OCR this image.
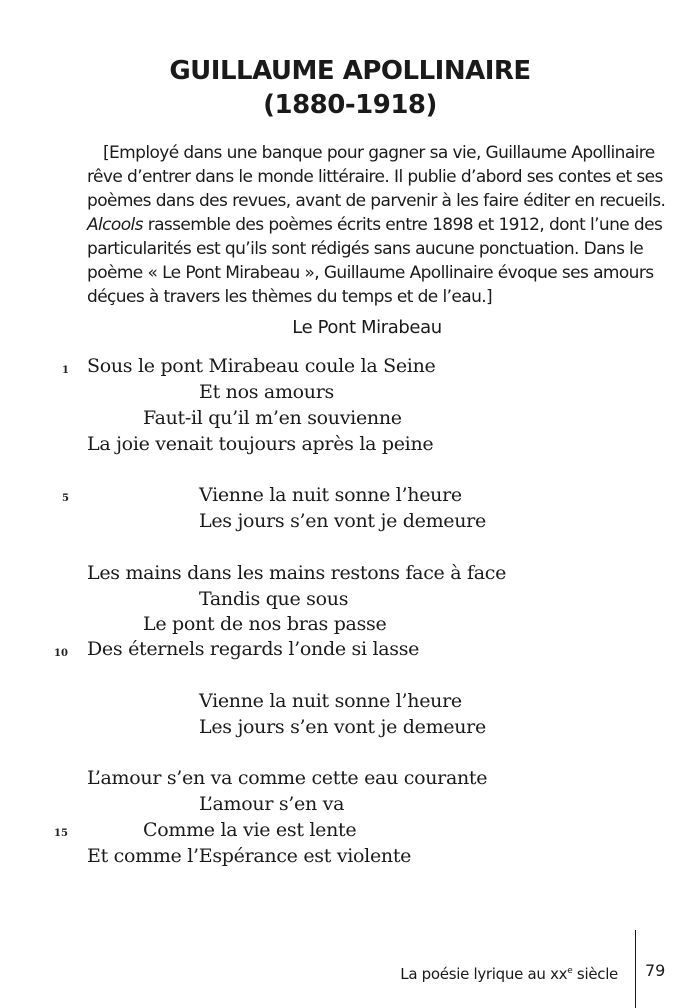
GUILLAUME APOLLINAIRE
(1880-1918)
[Employé dans une banque pour gagner sa vie, Guillaume Apollinaire
rêve d’entrer dans le monde littéraire. Il publie d’abord ses contes et ses
poèmes dans des revues, avant de parvenir à les faire éditer en recueils.
Alcools rassemble des poèmes écrits entre 1898 et 1912, dont l’une des
particularités est qu’ils sont rédigés sans aucune ponctuation. Dans le
poème « Le Pont Mirabeau », Guillaume Apollinaire évoque ses amours
déçues à travers les thèmes du temps et de l’eau.]
Le Pont Mirabeau
1 Sous le pont Mirabeau coule la Seine
Et nos amours
Faut-il qu’il m’en souvienne
La joie venait toujours après la peine
5	Vienne la nuit sonne l’heure
Les jours s’en vont je demeure
Les mains dans les mains restons face à face
Tandis que sous
Le pont de nos bras passe
10 Des éternels regards l’onde si lasse
Vienne la nuit sonne l’heure
Les jours s’en vont je demeure
L’amour s’en va comme cette eau courante
L’amour s’en va
15	Comme la vie est lente
Et comme l’Espérance est violente
La poésie lyrique au $xx^e$ siècle 79
